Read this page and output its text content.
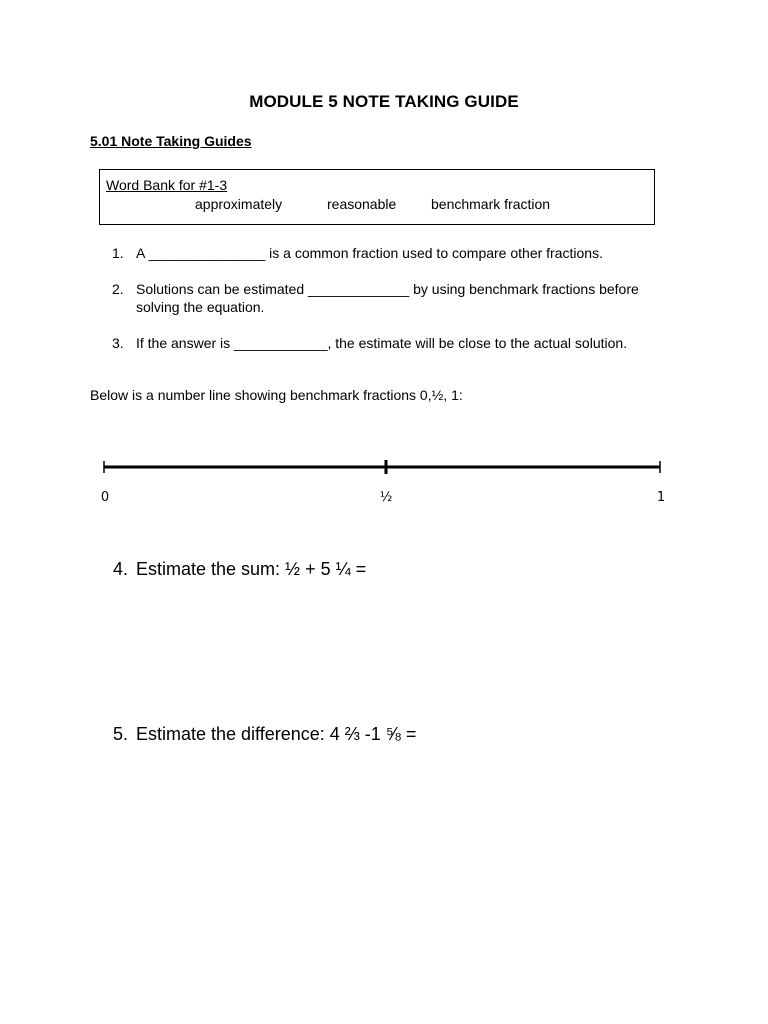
MODULE 5 NOTE TAKING GUIDE
5.01 Note Taking Guides
Word Bank for #1-3
approximately	reasonable benchmark fraction
1. A _______________ is a common fraction used to compare other fractions.
2. Solutions can be estimated _____________ by using benchmark fractions before
solving the equation.
3. If the answer is ____________, the estimate will be close to the actual solution.
Below is a number line showing benchmark fractions 0,½, 1:
0	½	1
4. Estimate the sum: ½ + 5 ¼ =
5. Estimate the difference: 4 ⅔ -1 ⅝ =
